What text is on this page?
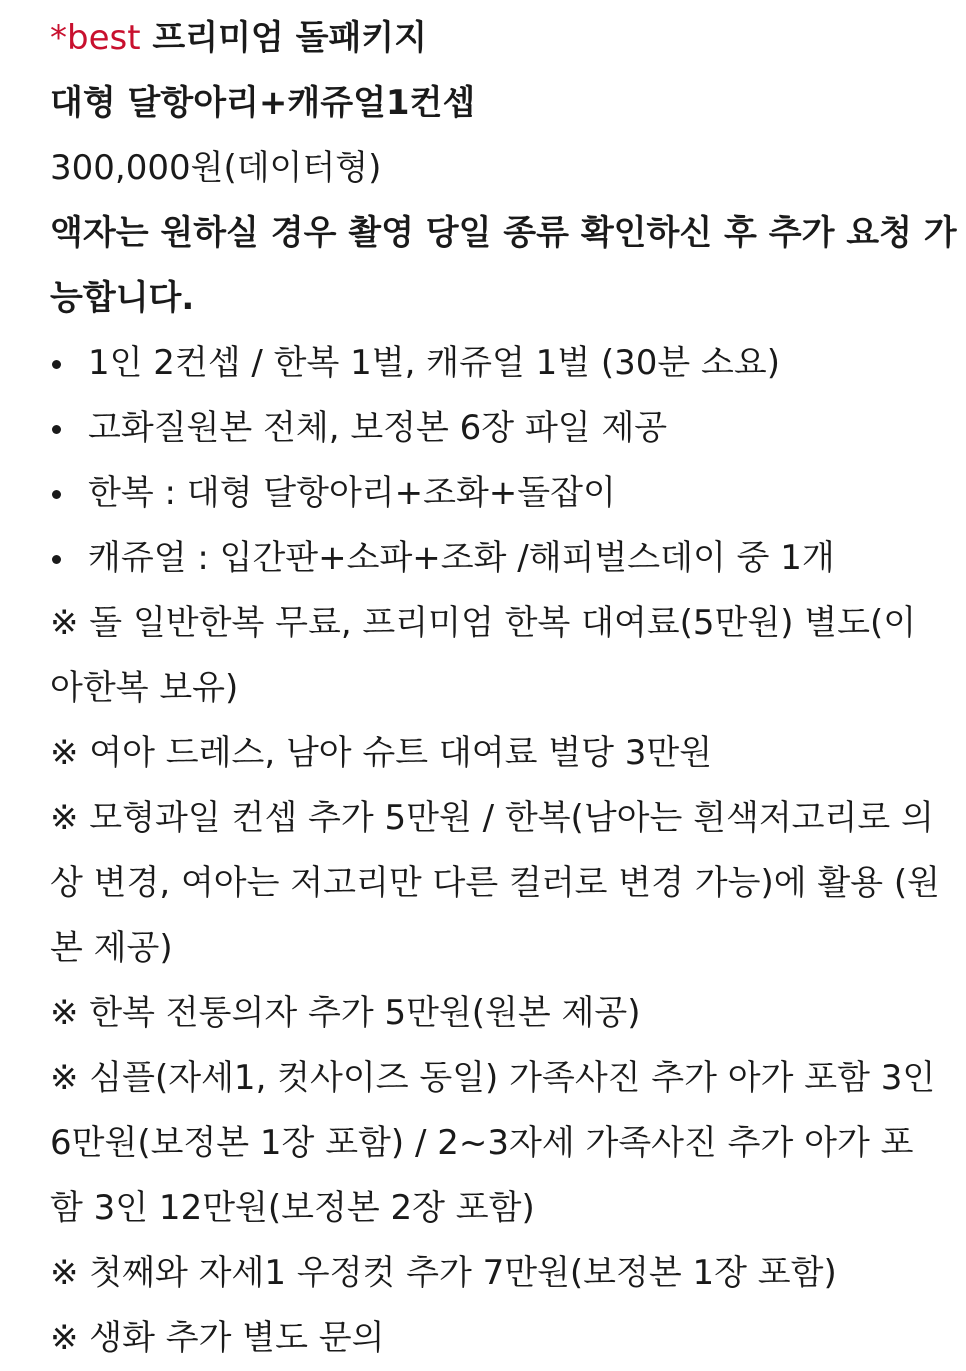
*best 프리미엄 돌패키지

대형 달항아리+캐쥬얼1컨셉

300,000원(데이터형)

액자는 원하실 경우 촬영 당일 종류 확인하신 후 추가 요청 가

능합니다.

1인 2컨셉 / 한복 1벌, 캐쥬얼 1벌 (30분 소요)
고화질원본 전체, 보정본 6장 파일 제공
한복 : 대형 달항아리+조화+돌잡이
캐쥬얼 : 입간판+소파+조화 /해피벌스데이 중 1개

※ 돌 일반한복 무료, 프리미엄 한복 대여료(5만원) 별도(이

아한복 보유)

※ 여아 드레스, 남아 슈트 대여료 벌당 3만원

※ 모형과일 컨셉 추가 5만원 / 한복(남아는 흰색저고리로 의

상 변경, 여아는 저고리만 다른 컬러로 변경 가능)에 활용 (원

본 제공)

※ 한복 전통의자 추가 5만원(원본 제공)

※ 심플(자세1, 컷사이즈 동일) 가족사진 추가 아가 포함 3인

6만원(보정본 1장 포함) / 2~3자세 가족사진 추가 아가 포

함 3인 12만원(보정본 2장 포함)

※ 첫째와 자세1 우정컷 추가 7만원(보정본 1장 포함)

※ 생화 추가 별도 문의
